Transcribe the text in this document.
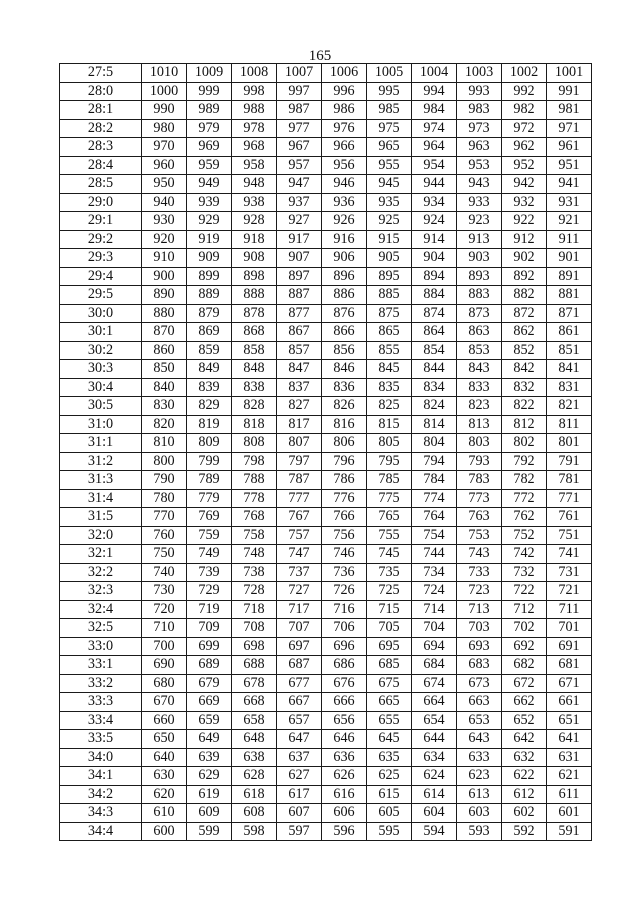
165
27:5	1010	1009	1008	1007	1006	1005	1004	1003	1002	1001
28:0	1000	999	998	997	996	995	994	993	992	991
28:1	990	989	988	987	986	985	984	983	982	981
28:2	980	979	978	977	976	975	974	973	972	971
28:3	970	969	968	967	966	965	964	963	962	961
28:4	960	959	958	957	956	955	954	953	952	951
28:5	950	949	948	947	946	945	944	943	942	941
29:0	940	939	938	937	936	935	934	933	932	931
29:1	930	929	928	927	926	925	924	923	922	921
29:2	920	919	918	917	916	915	914	913	912	911
29:3	910	909	908	907	906	905	904	903	902	901
29:4	900	899	898	897	896	895	894	893	892	891
29:5	890	889	888	887	886	885	884	883	882	881
30:0	880	879	878	877	876	875	874	873	872	871
30:1	870	869	868	867	866	865	864	863	862	861
30:2	860	859	858	857	856	855	854	853	852	851
30:3	850	849	848	847	846	845	844	843	842	841
30:4	840	839	838	837	836	835	834	833	832	831
30:5	830	829	828	827	826	825	824	823	822	821
31:0	820	819	818	817	816	815	814	813	812	811
31:1	810	809	808	807	806	805	804	803	802	801
31:2	800	799	798	797	796	795	794	793	792	791
31:3	790	789	788	787	786	785	784	783	782	781
31:4	780	779	778	777	776	775	774	773	772	771
31:5	770	769	768	767	766	765	764	763	762	761
32:0	760	759	758	757	756	755	754	753	752	751
32:1	750	749	748	747	746	745	744	743	742	741
32:2	740	739	738	737	736	735	734	733	732	731
32:3	730	729	728	727	726	725	724	723	722	721
32:4	720	719	718	717	716	715	714	713	712	711
32:5	710	709	708	707	706	705	704	703	702	701
33:0	700	699	698	697	696	695	694	693	692	691
33:1	690	689	688	687	686	685	684	683	682	681
33:2	680	679	678	677	676	675	674	673	672	671
33:3	670	669	668	667	666	665	664	663	662	661
33:4	660	659	658	657	656	655	654	653	652	651
33:5	650	649	648	647	646	645	644	643	642	641
34:0	640	639	638	637	636	635	634	633	632	631
34:1	630	629	628	627	626	625	624	623	622	621
34:2	620	619	618	617	616	615	614	613	612	611
34:3	610	609	608	607	606	605	604	603	602	601
34:4	600	599	598	597	596	595	594	593	592	591
